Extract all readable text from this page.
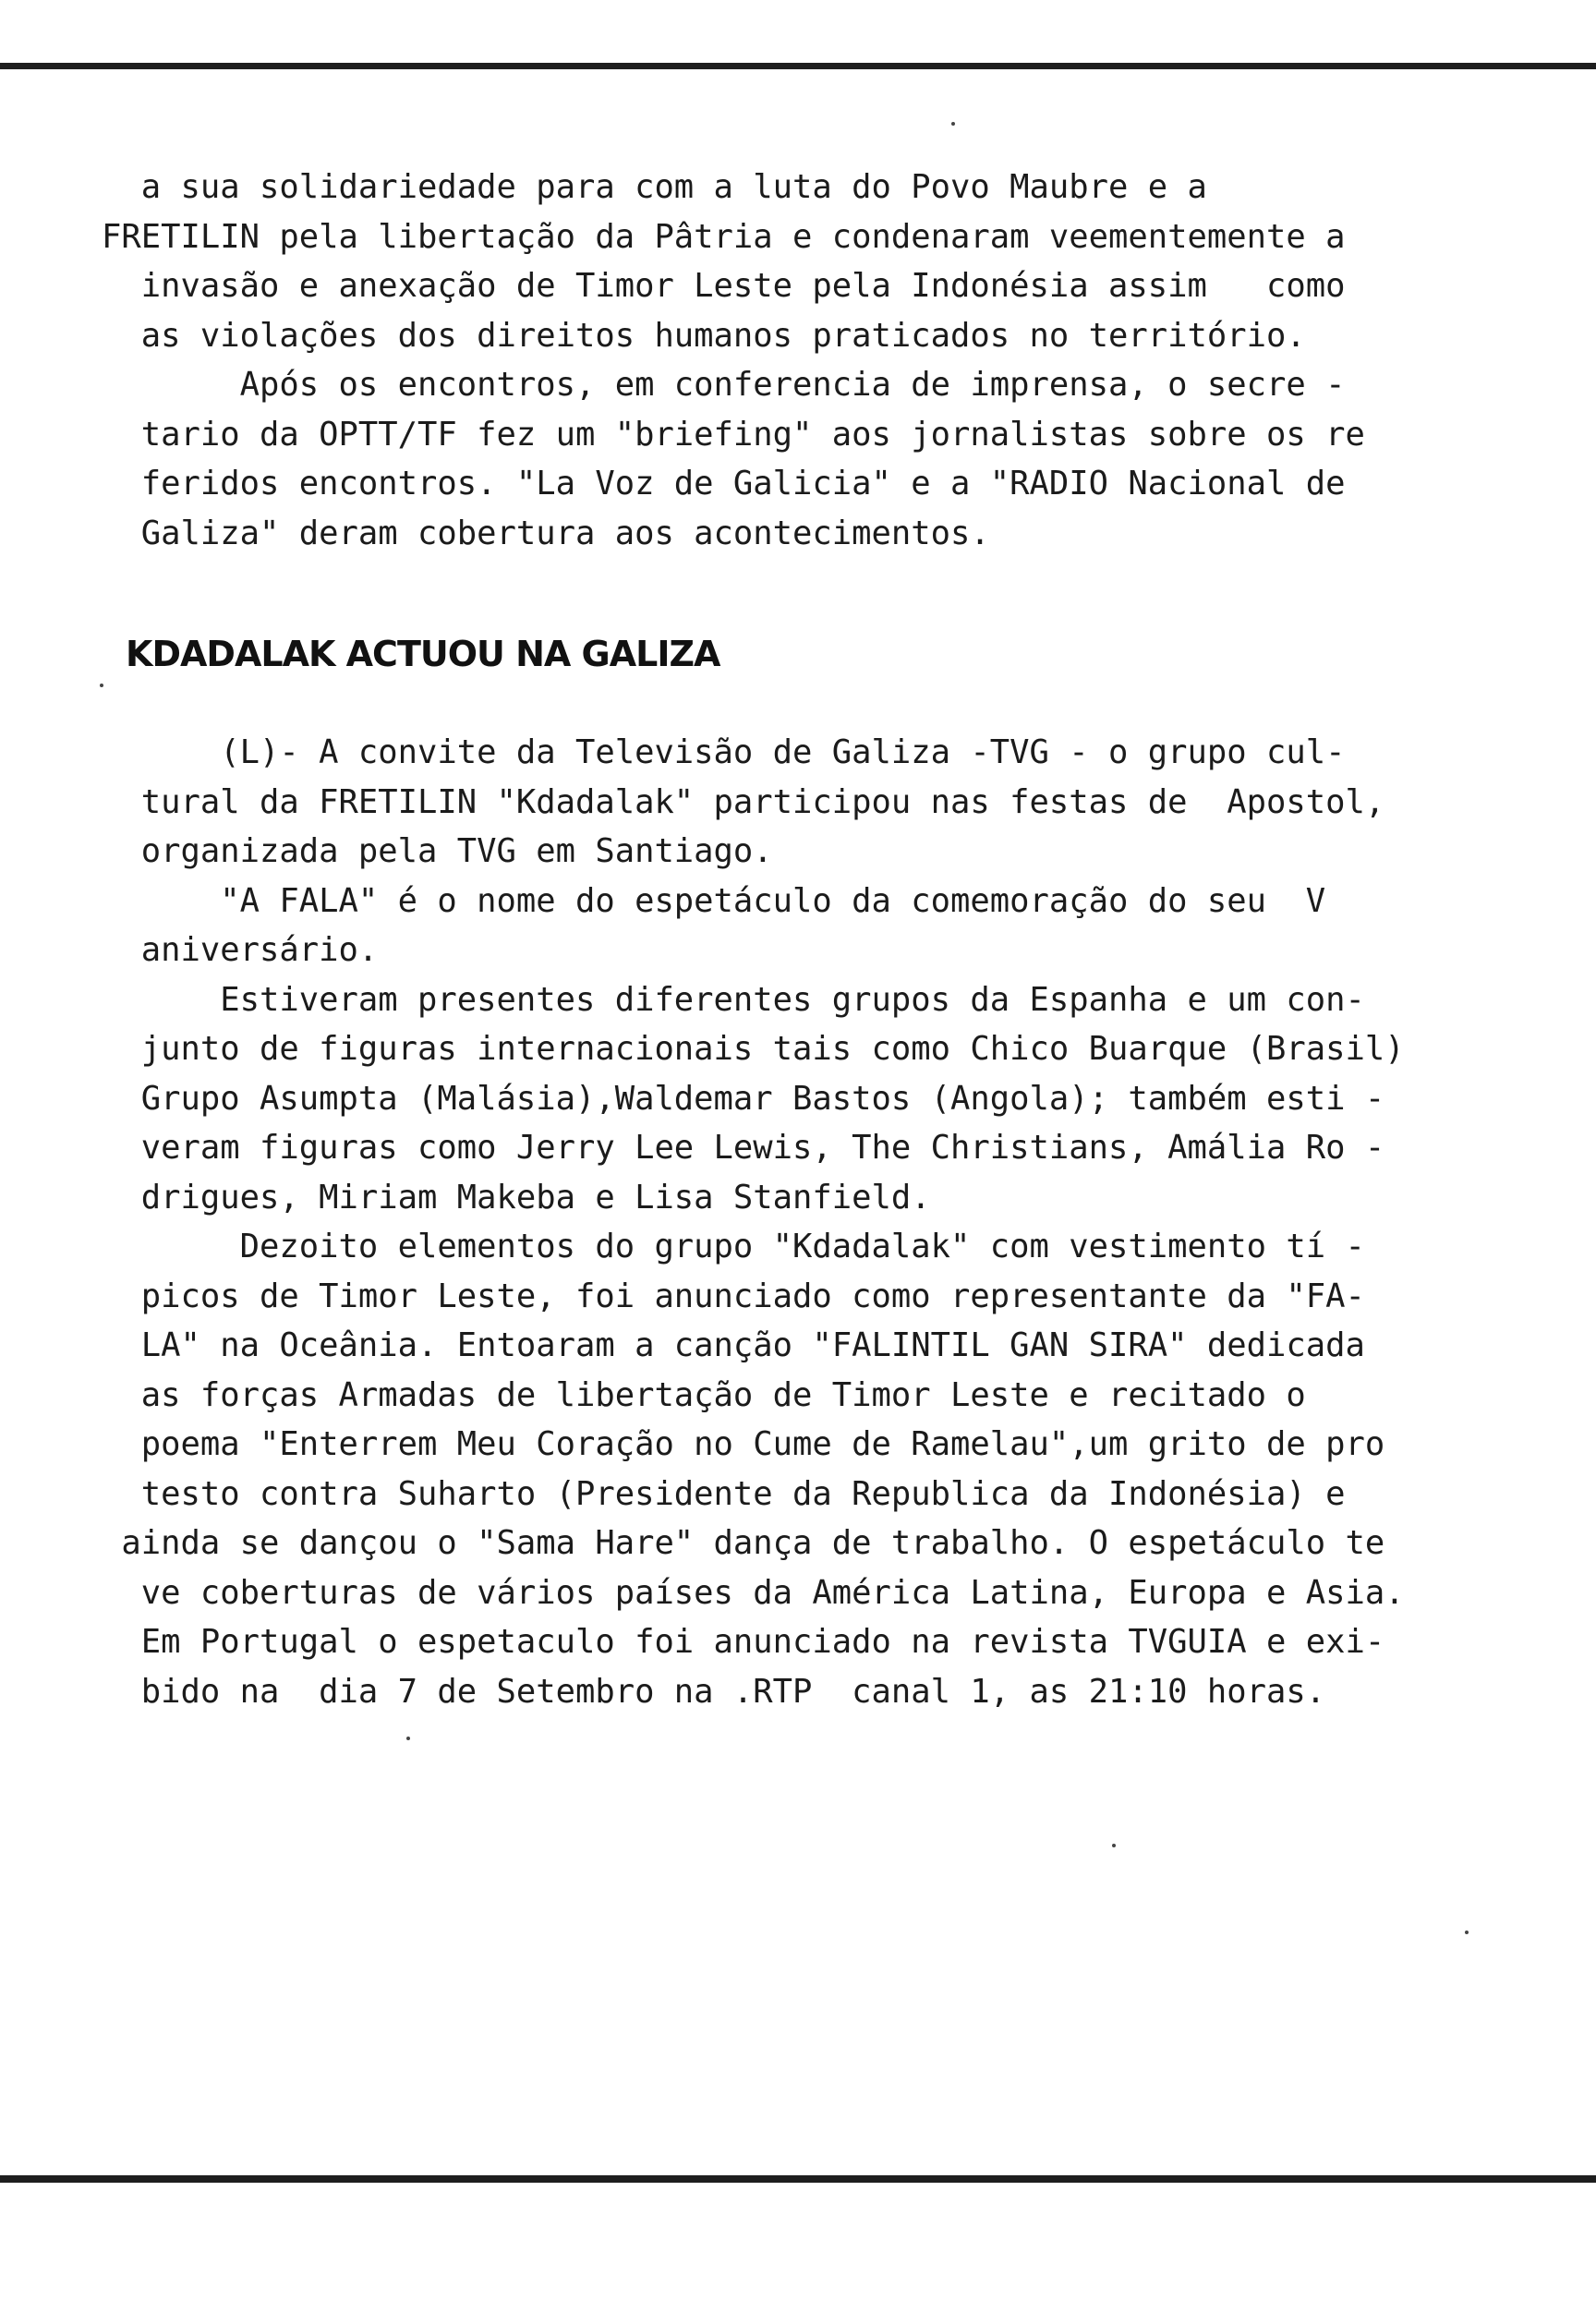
a sua solidariedade para com a luta do Povo Maubre e a
FRETILIN pela libertação da Pâtria e condenaram veementemente a
invasão e anexação de Timor Leste pela Indonésia assim   como
as violações dos direitos humanos praticados no território.
Após os encontros, em conferencia de imprensa, o secre -
tario da OPTT/TF fez um "briefing" aos jornalistas sobre os re
feridos encontros. "La Voz de Galicia" e a "RADIO Nacional de
Galiza" deram cobertura aos acontecimentos.
KDADALAK ACTUOU NA GALIZA
(L)- A convite da Televisão de Galiza -TVG - o grupo cul-
tural da FRETILIN "Kdadalak" participou nas festas de  Apostol,
organizada pela TVG em Santiago.
"A FALA" é o nome do espetáculo da comemoração do seu  V
aniversário.
Estiveram presentes diferentes grupos da Espanha e um con-
junto de figuras internacionais tais como Chico Buarque (Brasil)
Grupo Asumpta (Malásia),Waldemar Bastos (Angola); também esti -
veram figuras como Jerry Lee Lewis, The Christians, Amália Ro -
drigues, Miriam Makeba e Lisa Stanfield.
Dezoito elementos do grupo "Kdadalak" com vestimento tí -
picos de Timor Leste, foi anunciado como representante da "FA-
LA" na Oceânia. Entoaram a canção "FALINTIL GAN SIRA" dedicada
as forças Armadas de libertação de Timor Leste e recitado o
poema "Enterrem Meu Coração no Cume de Ramelau",um grito de pro
testo contra Suharto (Presidente da Republica da Indonésia) e
ainda se dançou o "Sama Hare" dança de trabalho. O espetáculo te
ve coberturas de vários países da América Latina, Europa e Asia.
Em Portugal o espetaculo foi anunciado na revista TVGUIA e exi-
bido na  dia 7 de Setembro na .RTP  canal 1, as 21:10 horas.
